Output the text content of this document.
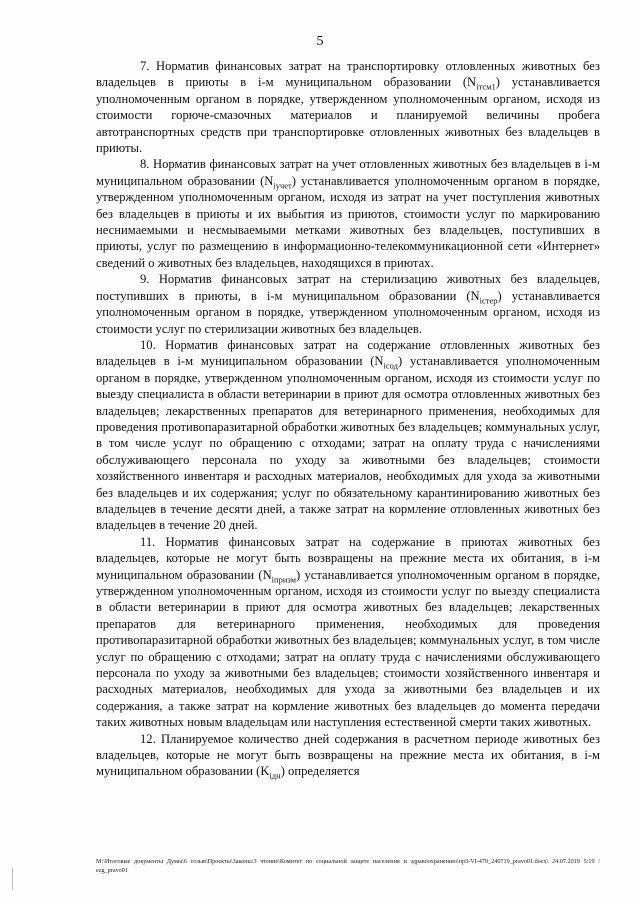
5

7. Норматив финансовых затрат на транспортировку отловленных животных без владельцев в приюты в i-м муниципальном образовании $(N_{iтсм1})$ устанавливается уполномоченным органом в порядке, утвержденном уполномоченным органом, исходя из стоимости горюче-смазочных материалов и планируемой величины пробега автотранспортных средств при транспортировке отловленных животных без владельцев в приюты.

8. Норматив финансовых затрат на учет отловленных животных без владельцев в i-м муниципальном образовании $(N_{iучет})$ устанавливается уполномоченным органом в порядке, утвержденном уполномоченным органом, исходя из затрат на учет поступления животных без владельцев в приюты и их выбытия из приютов, стоимости услуг по маркированию неснимаемыми и несмываемыми метками животных без владельцев, поступивших в приюты, услуг по размещению в информационно-телекоммуникационной сети «Интернет» сведений о животных без владельцев, находящихся в приютах.

9. Норматив финансовых затрат на стерилизацию животных без владельцев, поступивших в приюты, в i-м муниципальном образовании $(N_{iстер})$ устанавливается уполномоченным органом в порядке, утвержденном уполномоченным органом, исходя из стоимости услуг по стерилизации животных без владельцев.

10. Норматив финансовых затрат на содержание отловленных животных без владельцев в i-м муниципальном образовании $(N_{iсод})$ устанавливается уполномоченным органом в порядке, утвержденном уполномоченным органом, исходя из стоимости услуг по выезду специалиста в области ветеринарии в приют для осмотра отловленных животных без владельцев; лекарственных препаратов для ветеринарного применения, необходимых для проведения противопаразитарной обработки животных без владельцев; коммунальных услуг, в том числе услуг по обращению с отходами; затрат на оплату труда с начислениями обслуживающего персонала по уходу за животными без владельцев; стоимости хозяйственного инвентаря и расходных материалов, необходимых для ухода за животными без владельцев и их содержания; услуг по обязательному карантинированию животных без владельцев в течение десяти дней, а также затрат на кормление отловленных животных без владельцев в течение 20 дней.

11. Норматив финансовых затрат на содержание в приютах животных без владельцев, которые не могут быть возвращены на прежние места их обитания, в i-м муниципальном образовании $(N_{iпризм})$ устанавливается уполномоченным органом в порядке, утвержденном уполномоченным органом, исходя из стоимости услуг по выезду специалиста в области ветеринарии в приют для осмотра животных без владельцев; лекарственных препаратов для ветеринарного применения, необходимых для проведения противопаразитарной обработки животных без владельцев; коммунальных услуг, в том числе услуг по обращению с отходами; затрат на оплату труда с начислениями обслуживающего персонала по уходу за животными без владельцев; стоимости хозяйственного инвентаря и расходных материалов, необходимых для ухода за животными без владельцев и их содержания, а также затрат на кормление животных без владельцев до момента передачи таких животных новым владельцам или наступления естественной смерти таких животных.

12. Планируемое количество дней содержания в расчетном периоде животных без владельцев, которые не могут быть возвращены на прежние места их обитания, в i-м муниципальном образовании $(K_{iдн})$ определяется

M:\Итоговые документы Думы\6 созыв\Проекты\Законы\3 чтение\Комитет по социальной защите населения и здравоохранению\пр3-VI-470_240719_pravo01.docx\ 24.07.2019 5:19 / ezg_pravo01
